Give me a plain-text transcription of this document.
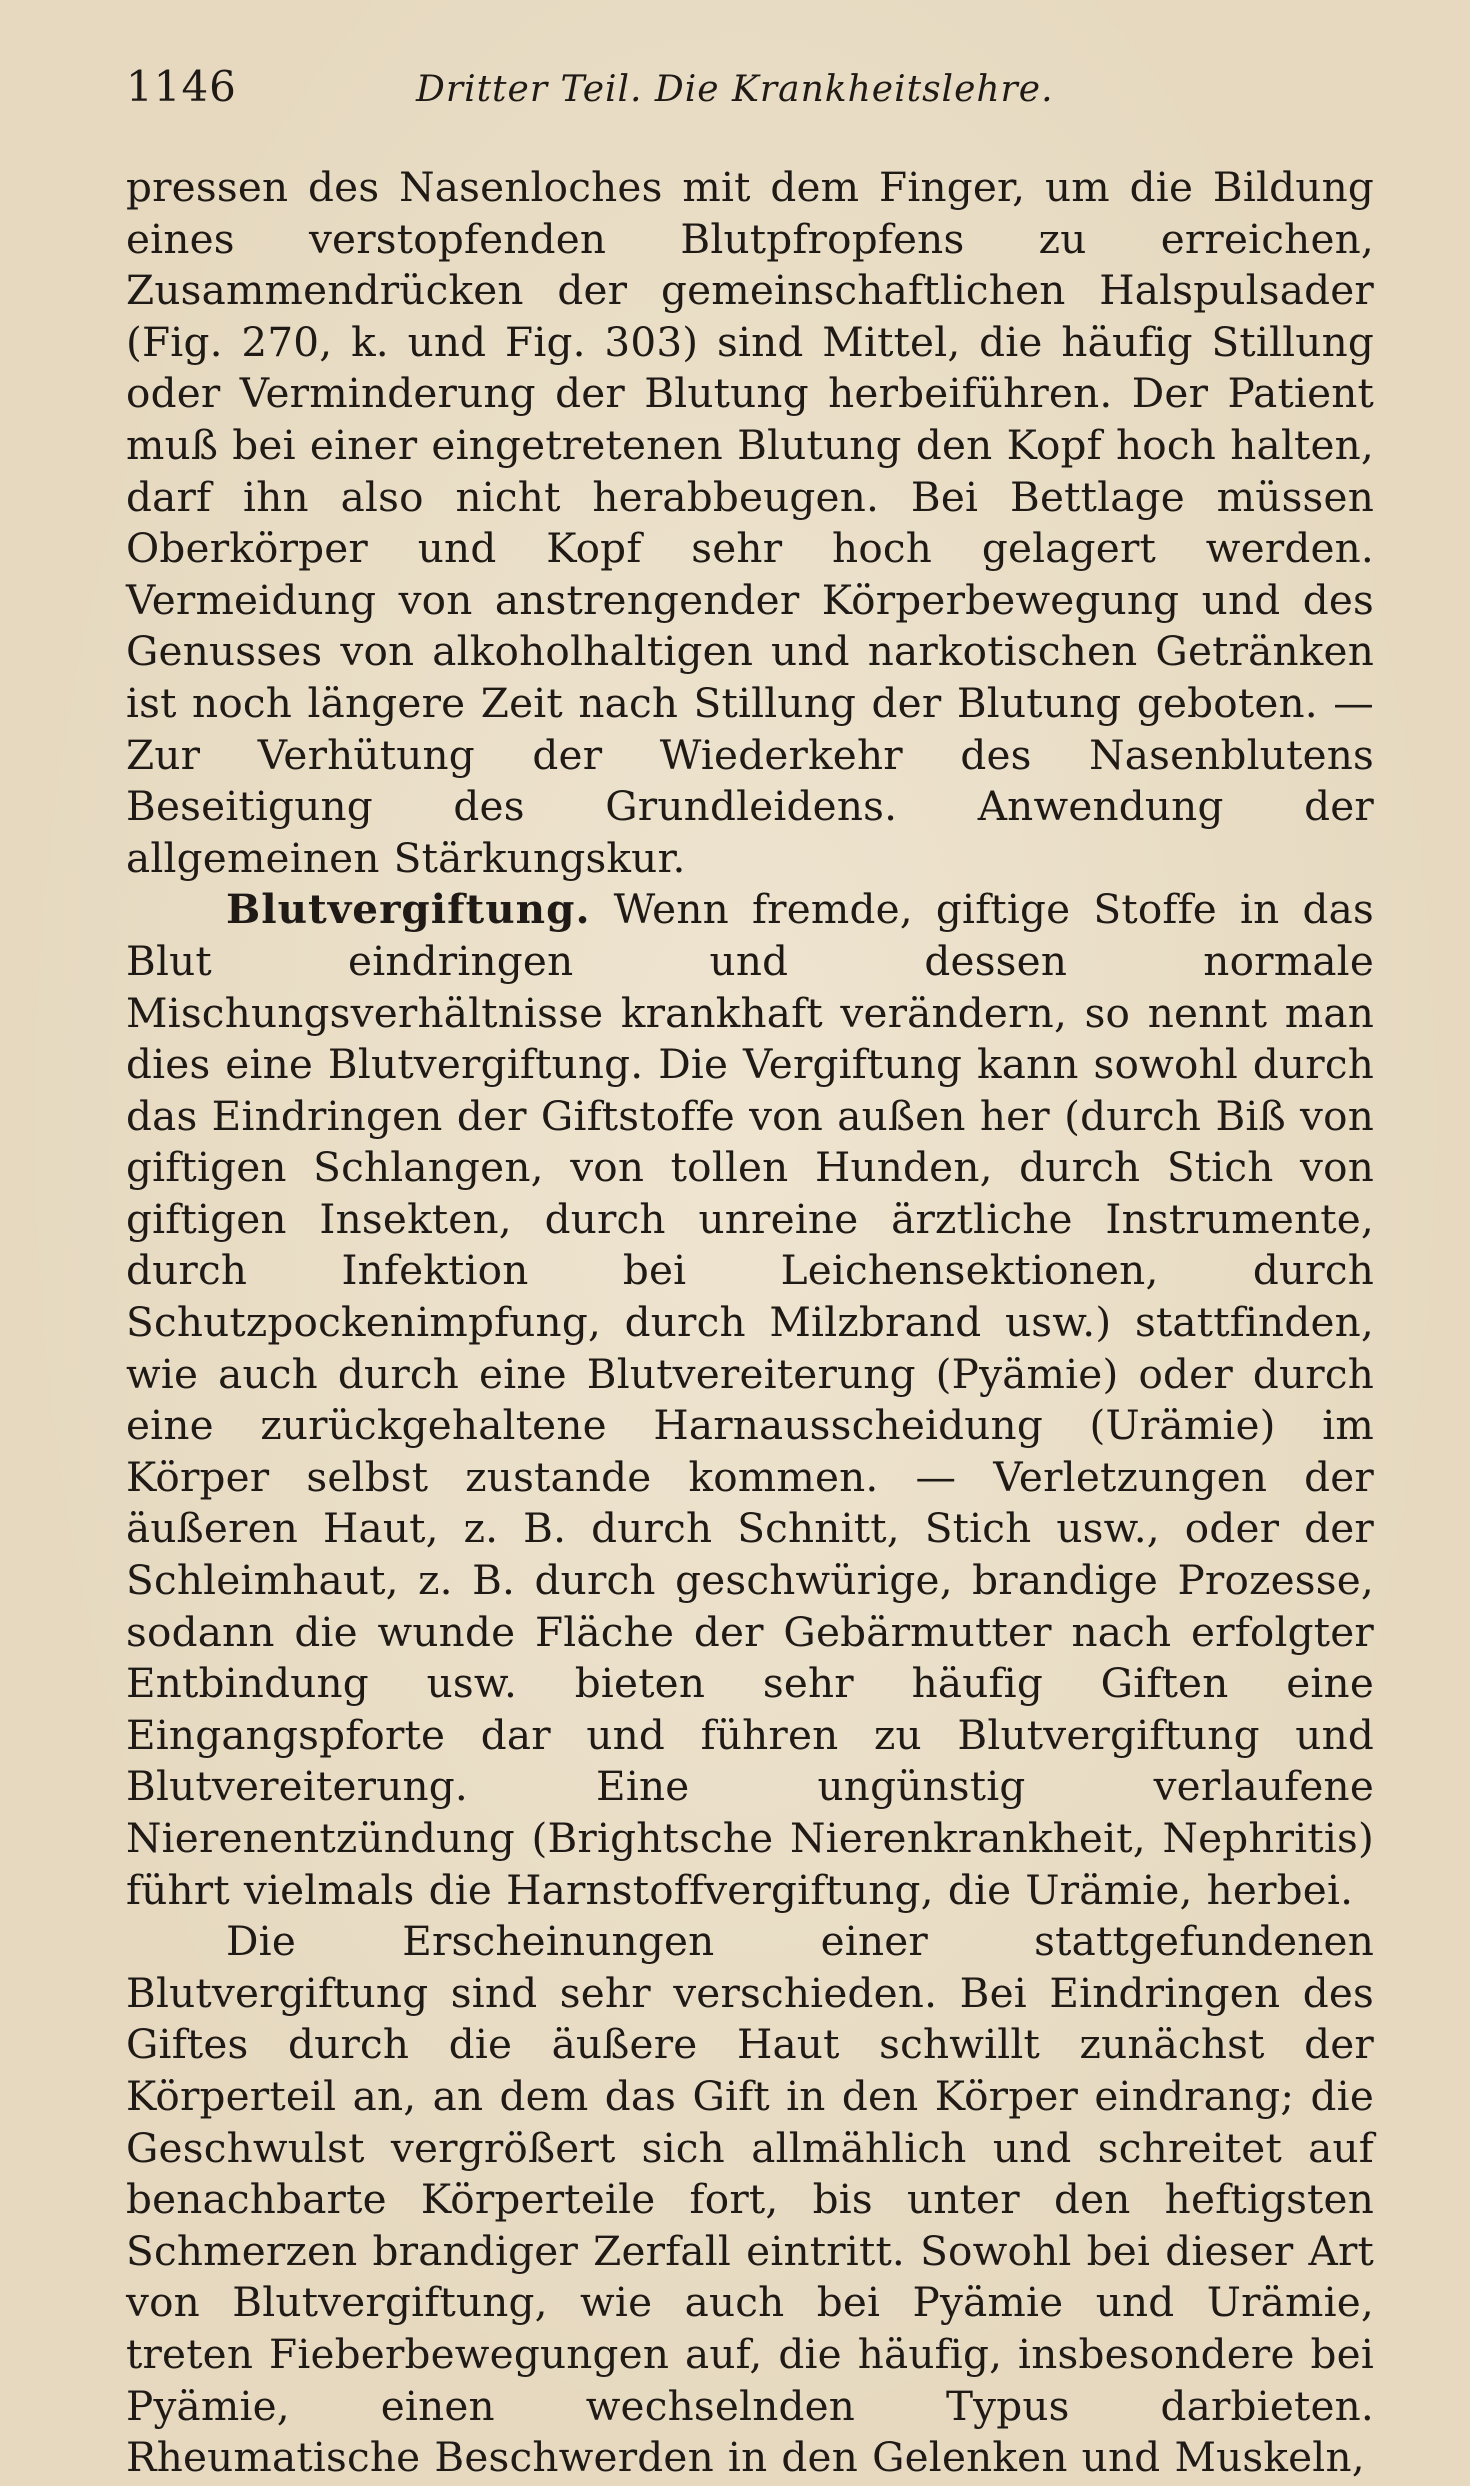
1146	Dritter Teil. Die Krankheitslehre.

pressen des Nasenloches mit dem Finger, um die Bildung eines verstopfenden Blutpfropfens zu erreichen, Zusammendrücken der gemeinschaftlichen Halspulsader (Fig. 270, k. und Fig. 303) sind Mittel, die häufig Stillung oder Verminderung der Blutung herbeiführen. Der Patient muß bei einer eingetretenen Blutung den Kopf hoch halten, darf ihn also nicht herabbeugen. Bei Bettlage müssen Oberkörper und Kopf sehr hoch gelagert werden. Vermeidung von anstrengender Körperbewegung und des Genusses von alkoholhaltigen und narkotischen Getränken ist noch längere Zeit nach Stillung der Blutung geboten. — Zur Verhütung der Wiederkehr des Nasenblutens Beseitigung des Grundleidens. Anwendung der allgemeinen Stärkungskur.

Blutvergiftung. Wenn fremde, giftige Stoffe in das Blut eindringen und dessen normale Mischungsverhältnisse krankhaft verändern, so nennt man dies eine Blutvergiftung. Die Vergiftung kann sowohl durch das Eindringen der Giftstoffe von außen her (durch Biß von giftigen Schlangen, von tollen Hunden, durch Stich von giftigen Insekten, durch unreine ärztliche Instrumente, durch Infektion bei Leichensektionen, durch Schutzpockenimpfung, durch Milzbrand usw.) stattfinden, wie auch durch eine Blutvereiterung (Pyämie) oder durch eine zurückgehaltene Harnausscheidung (Urämie) im Körper selbst zustande kommen. — Verletzungen der äußeren Haut, z. B. durch Schnitt, Stich usw., oder der Schleimhaut, z. B. durch geschwürige, brandige Prozesse, sodann die wunde Fläche der Gebärmutter nach erfolgter Entbindung usw. bieten sehr häufig Giften eine Eingangspforte dar und führen zu Blutvergiftung und Blutvereiterung. Eine ungünstig verlaufene Nierenentzündung (Brightsche Nierenkrankheit, Nephritis) führt vielmals die Harnstoffvergiftung, die Urämie, herbei.

Die Erscheinungen einer stattgefundenen Blutvergiftung sind sehr verschieden. Bei Eindringen des Giftes durch die äußere Haut schwillt zunächst der Körperteil an, an dem das Gift in den Körper eindrang; die Geschwulst vergrößert sich allmählich und schreitet auf benachbarte Körperteile fort, bis unter den heftigsten Schmerzen brandiger Zerfall eintritt. Sowohl bei dieser Art von Blutvergiftung, wie auch bei Pyämie und Urämie, treten Fieberbewegungen auf, die häufig, insbesondere bei Pyämie, einen wechselnden Typus darbieten. Rheumatische Beschwerden in den Gelenken und Muskeln,
